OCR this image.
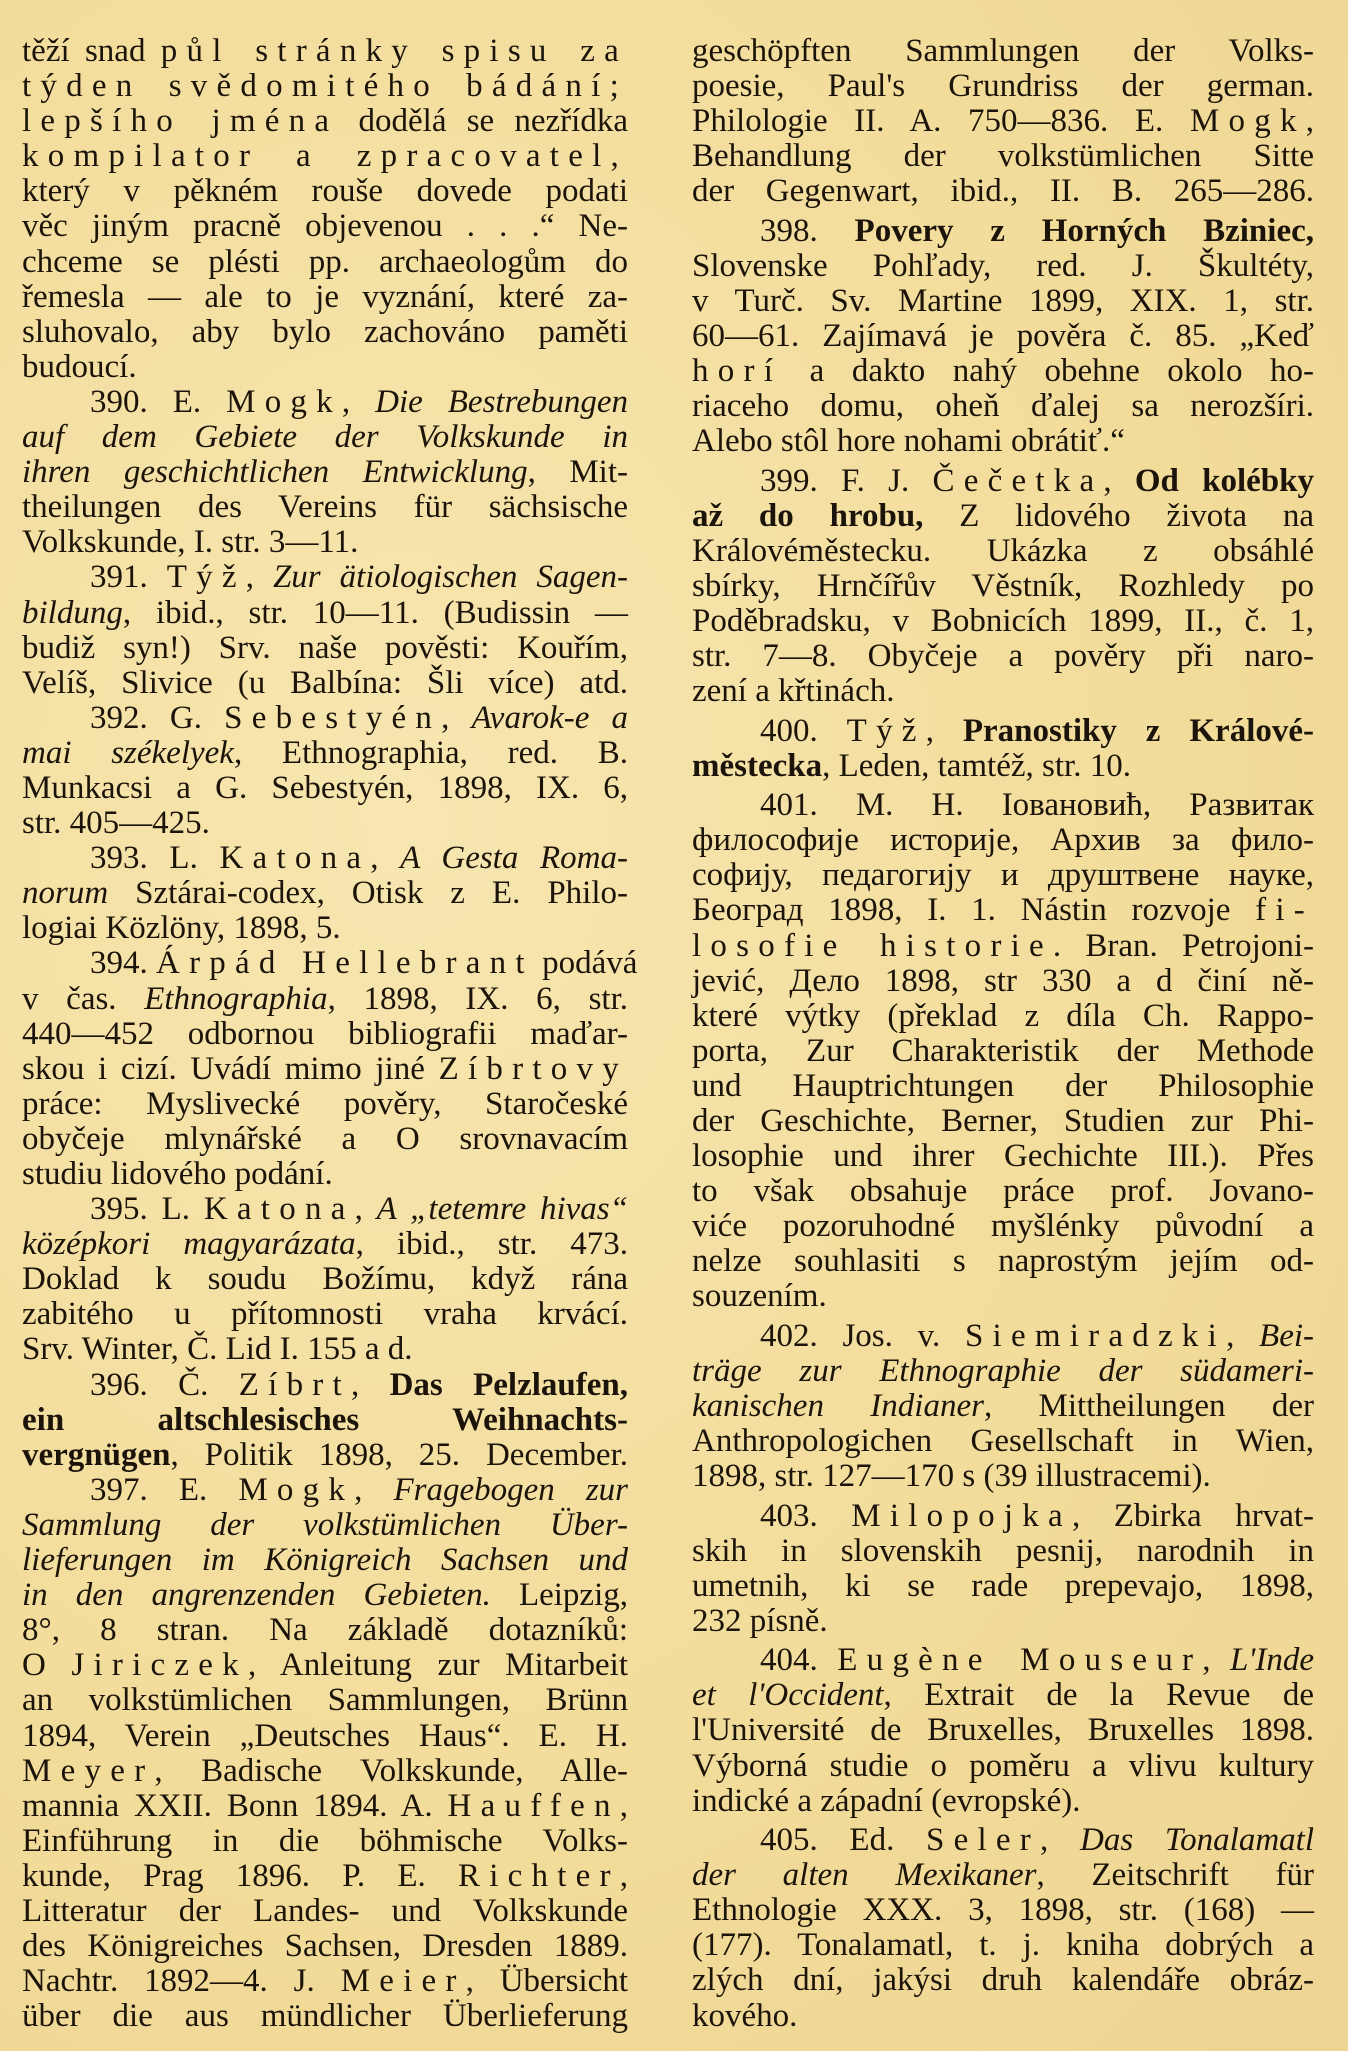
těží snad půl stránky spisu za
týden svědomitého bádání;
lepšího jména dodělá se nezřídka
kompilator a zpracovatel,
který v pěkném rouše dovede podati
věc jiným pracně objevenou . . .“ Ne-
chceme se plésti pp. archaeologům do
řemesla — ale to je vyznání, které za-
sluhovalo, aby bylo zachováno paměti
budoucí.
390. E. Mogk, Die Bestrebungen
auf dem Gebiete der Volkskunde in
ihren geschichtlichen Entwicklung, Mit-
theilungen des Vereins für sächsische
Volkskunde, I. str. 3—11.
391. Týž, Zur ätiologischen Sagen-
bildung, ibid., str. 10—11. (Budissin —
budiž syn!) Srv. naše pověsti: Kouřím,
Velíš, Slivice (u Balbína: Šli více) atd.
392. G. Sebestyén, Avarok-e a
mai székelyek, Ethnographia, red. B.
Munkacsi a G. Sebestyén, 1898, IX. 6,
str. 405—425.
393. L. Katona, A Gesta Roma-
norum Sztárai-codex, Otisk z E. Philo-
logiai Közlöny, 1898, 5.
394. Árpád Hellebrant podává
v čas. Ethnographia, 1898, IX. 6, str.
440—452 odbornou bibliografii maďar-
skou i cizí. Uvádí mimo jiné Zíbrtovy
práce: Myslivecké pověry, Staročeské
obyčeje mlynářské a O srovnavacím
studiu lidového podání.
395. L. Katona, A „tetemre hivas“
középkori magyarázata, ibid., str. 473.
Doklad k soudu Božímu, když rána
zabitého u přítomnosti vraha krvácí.
Srv. Winter, Č. Lid I. 155 a d.
396. Č. Zíbrt, Das Pelzlaufen,
ein altschlesisches Weihnachts-
vergnügen, Politik 1898, 25. December.
397. E. Mogk, Fragebogen zur
Sammlung der volkstümlichen Über-
lieferungen im Königreich Sachsen und
in den angrenzenden Gebieten. Leipzig,
8°, 8 stran. Na základě dotazníků:
O Jiriczek, Anleitung zur Mitarbeit
an volkstümlichen Sammlungen, Brünn
1894, Verein „Deutsches Haus“. E. H.
Meyer, Badische Volkskunde, Alle-
mannia XXII. Bonn 1894. A. Hauffen,
Einführung in die böhmische Volks-
kunde, Prag 1896. P. E. Richter,
Litteratur der Landes- und Volkskunde
des Königreiches Sachsen, Dresden 1889.
Nachtr. 1892—4. J. Meier, Übersicht
über die aus mündlicher Überlieferung
geschöpften Sammlungen der Volks-
poesie, Paul's Grundriss der german.
Philologie II. A. 750—836. E. Mogk,
Behandlung der volkstümlichen Sitte
der Gegenwart, ibid., II. B. 265—286.
398. Povery z Horných Bziniec,
Slovenske Pohľady, red. J. Škultéty,
v Turč. Sv. Martine 1899, XIX. 1, str.
60—61. Zajímavá je pověra č. 85. „Keď
horí a dakto nahý obehne okolo ho-
riaceho domu, oheň ďalej sa nerozšíri.
Alebo stôl hore nohami obrátiť.“
399. F. J. Čečetka, Od kolébky
až do hrobu, Z lidového života na
Královéměstecku. Ukázka z obsáhlé
sbírky, Hrnčířův Věstník, Rozhledy po
Poděbradsku, v Bobnicích 1899, II., č. 1,
str. 7—8. Obyčeje a pověry při naro-
zení a křtinách.
400. Týž, Pranostiky z Králové-
městecka, Leden, tamtéž, str. 10.
401. M. H. Іовановић, Развитак
философије историје, Архив за фило-
софију, педагогију и друштвене науке,
Београд 1898, I. 1. Nástin rozvoje fi-
losofie historie. Bran. Petrojoni-
jević, Дело 1898, str 330 a d činí ně-
které výtky (překlad z díla Ch. Rappo-
porta, Zur Charakteristik der Methode
und Hauptrichtungen der Philosophie
der Geschichte, Berner, Studien zur Phi-
losophie und ihrer Gechichte III.). Přes
to však obsahuje práce prof. Jovano-
viće pozoruhodné myšlénky původní a
nelze souhlasiti s naprostým jejím od-
souzením.
402. Jos. v. Siemiradzki, Bei-
träge zur Ethnographie der südameri-
kanischen Indianer, Mittheilungen der
Anthropologichen Gesellschaft in Wien,
1898, str. 127—170 s (39 illustracemi).
403. Milopojka, Zbirka hrvat-
skih in slovenskih pesnij, narodnih in
umetnih, ki se rade prepevajo, 1898,
232 písně.
404. Eugène Mouseur, L'Inde
et l'Occident, Extrait de la Revue de
l'Université de Bruxelles, Bruxelles 1898.
Výborná studie o poměru a vlivu kultury
indické a západní (evropské).
405. Ed. Seler, Das Tonalamatl
der alten Mexikaner, Zeitschrift für
Ethnologie XXX. 3, 1898, str. (168) —
(177). Tonalamatl, t. j. kniha dobrých a
zlých dní, jakýsi druh kalendáře obráz-
kového.
